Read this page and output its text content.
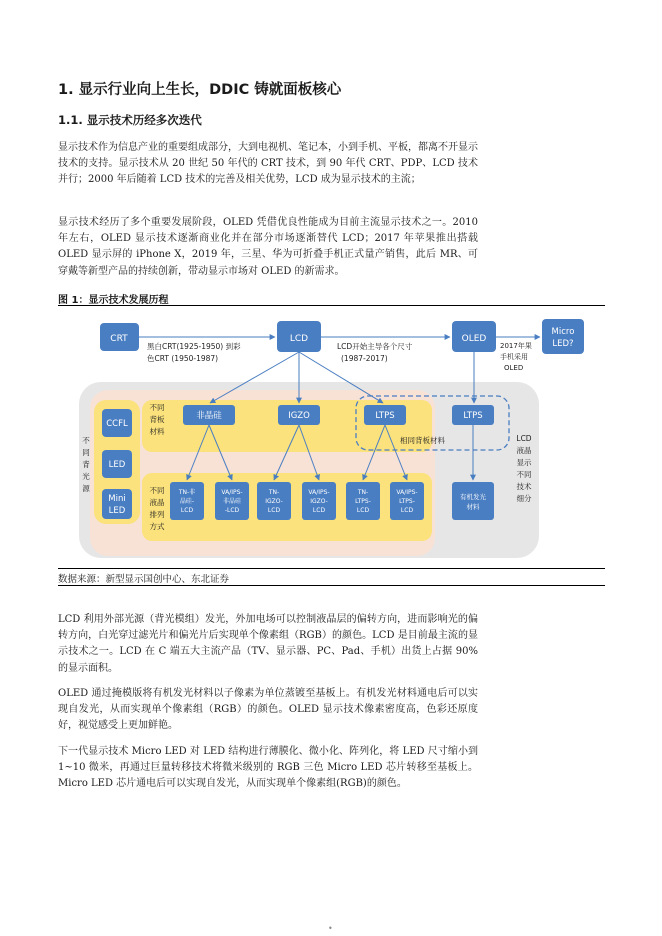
1. 显示行业向上生长，DDIC 铸就面板核心
1.1. 显示技术历经多次迭代
显示技术作为信息产业的重要组成部分，大到电视机、笔记本，小到手机、平板，都离不开显示技术的支持。显示技术从 20 世纪 50 年代的 CRT 技术，到 90 年代 CRT、PDP、LCD 技术并行；2000 年后随着 LCD 技术的完善及相关优势，LCD 成为显示技术的主流；
显示技术经历了多个重要发展阶段，OLED 凭借优良性能成为目前主流显示技术之一。2010 年左右，OLED 显示技术逐渐商业化并在部分市场逐渐替代 LCD；2017 年苹果推出搭载 OLED 显示屏的 iPhone X，2019 年，三星、华为可折叠手机正式量产销售，此后 MR、可穿戴等新型产品的持续创新，带动显示市场对 OLED 的新需求。
图 1：显示技术发展历程
CRT	LCD	OLED
Micro
LED?
CCFL
LED
Mini
LED
非晶硅	IGZO	LTPS	LTPS
有机发光
材料
TN-非
晶硅-
LCD
VA/IPS-
非晶硅
-LCD
TN-
IGZO-
LCD
VA/IPS-
IGZO-
LCD
TN-
LTPS-
LCD
VA/IPS-
LTPS-
LCD
黑白CRT(1925-1950) 到彩
色CRT (1950-1987)
LCD开始主导各个尺寸
(1987-2017)
2017年果
手机采用
OLED
相同背板材料
不
同
背
光
源
不同
背板
材料
不同
液晶
排列
方式
LCD
液晶
显示
不同
技术
细分
数据来源：新型显示国创中心、东北证券
LCD 利用外部光源（背光模组）发光，外加电场可以控制液晶层的偏转方向，进而影响光的偏转方向，白光穿过滤光片和偏光片后实现单个像素组（RGB）的颜色。LCD 是目前最主流的显示技术之一。LCD 在 C 端五大主流产品（TV、显示器、PC、Pad、手机）出货上占据 90%的显示面积。
OLED 通过掩模版将有机发光材料以子像素为单位蒸镀至基板上。有机发光材料通电后可以实现自发光，从而实现单个像素组（RGB）的颜色。OLED 显示技术像素密度高，色彩还原度好，视觉感受上更加鲜艳。
下一代显示技术 Micro LED 对 LED 结构进行薄膜化、微小化、阵列化，将 LED 尺寸缩小到 1~10 微米，再通过巨量转移技术将微米级别的 RGB 三色 Micro LED 芯片转移至基板上。Micro LED 芯片通电后可以实现自发光，从而实现单个像素组(RGB)的颜色。
•
